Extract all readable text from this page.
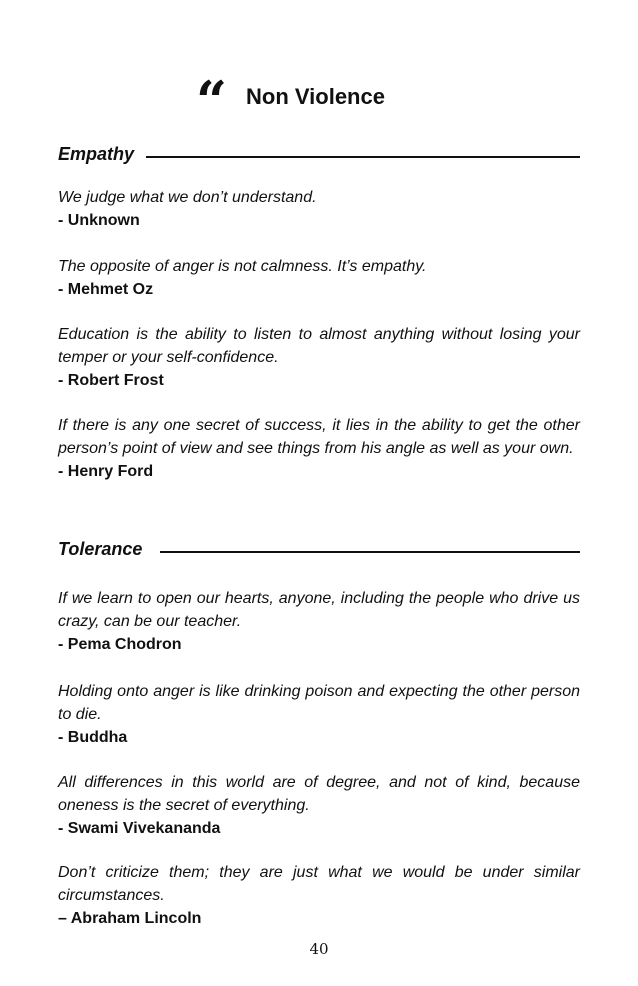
“ Non Violence
Empathy

We judge what we don’t understand.

- Unknown

The opposite of anger is not calmness. It’s empathy.

- Mehmet Oz

Education is the ability to listen to almost anything without losing your temper or your self-confidence.

- Robert Frost

If there is any one secret of success, it lies in the ability to get the other person’s point of view and see things from his angle as well as your own.

- Henry Ford

Tolerance

If we learn to open our hearts, anyone, including the people who drive us crazy, can be our teacher.

- Pema Chodron

Holding onto anger is like drinking poison and expecting the other person to die.

- Buddha

All differences in this world are of degree, and not of kind, because oneness is the secret of everything.

- Swami Vivekananda

Don’t criticize them; they are just what we would be under similar circumstances.

– Abraham Lincoln

40
